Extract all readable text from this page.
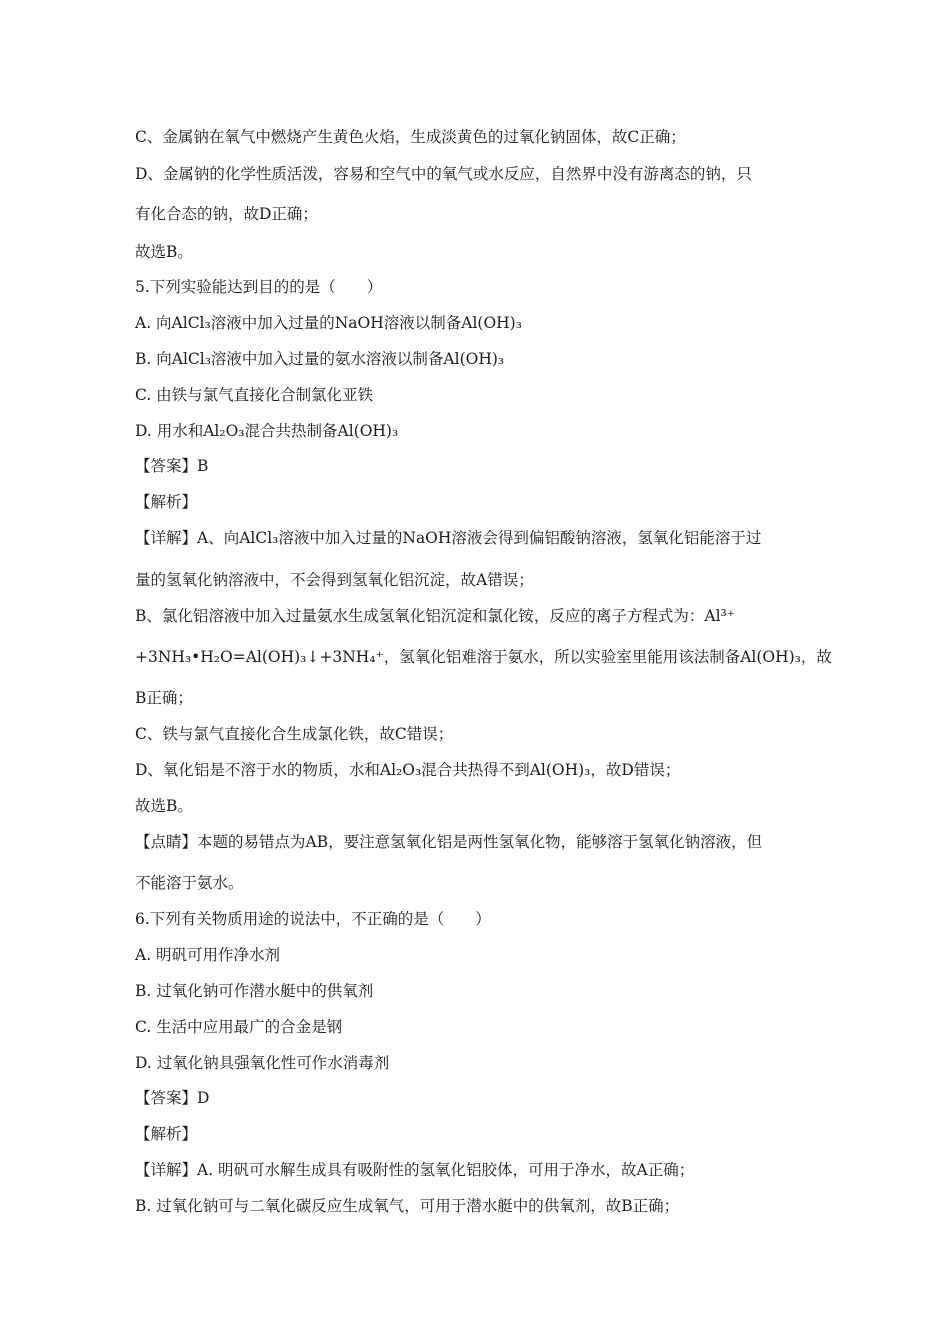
C、金属钠在氧气中燃烧产生黄色火焰，生成淡黄色的过氧化钠固体，故C正确；
D、金属钠的化学性质活泼，容易和空气中的氧气或水反应，自然界中没有游离态的钠，只
有化合态的钠，故D正确；
故选B。
5.下列实验能达到目的的是（　　）
A. 向AlCl₃溶液中加入过量的NaOH溶液以制备Al(OH)₃
B. 向AlCl₃溶液中加入过量的氨水溶液以制备Al(OH)₃
C. 由铁与氯气直接化合制氯化亚铁
D. 用水和Al₂O₃混合共热制备Al(OH)₃
【答案】B
【解析】
【详解】A、向AlCl₃溶液中加入过量的NaOH溶液会得到偏铝酸钠溶液，氢氧化铝能溶于过
量的氢氧化钠溶液中，不会得到氢氧化铝沉淀，故A错误；
B、氯化铝溶液中加入过量氨水生成氢氧化铝沉淀和氯化铵，反应的离子方程式为：Al³⁺
+3NH₃•H₂O=Al(OH)₃↓+3NH₄⁺，氢氧化铝难溶于氨水，所以实验室里能用该法制备Al(OH)₃，故
B正确；
C、铁与氯气直接化合生成氯化铁，故C错误；
D、氧化铝是不溶于水的物质，水和Al₂O₃混合共热得不到Al(OH)₃，故D错误；
故选B。
【点睛】本题的易错点为AB，要注意氢氧化铝是两性氢氧化物，能够溶于氢氧化钠溶液，但
不能溶于氨水。
6.下列有关物质用途的说法中，不正确的是（　　）
A. 明矾可用作净水剂
B. 过氧化钠可作潜水艇中的供氧剂
C. 生活中应用最广的合金是钢
D. 过氧化钠具强氧化性可作水消毒剂
【答案】D
【解析】
【详解】A. 明矾可水解生成具有吸附性的氢氧化铝胶体，可用于净水，故A正确；
B. 过氧化钠可与二氧化碳反应生成氧气，可用于潜水艇中的供氧剂，故B正确；
